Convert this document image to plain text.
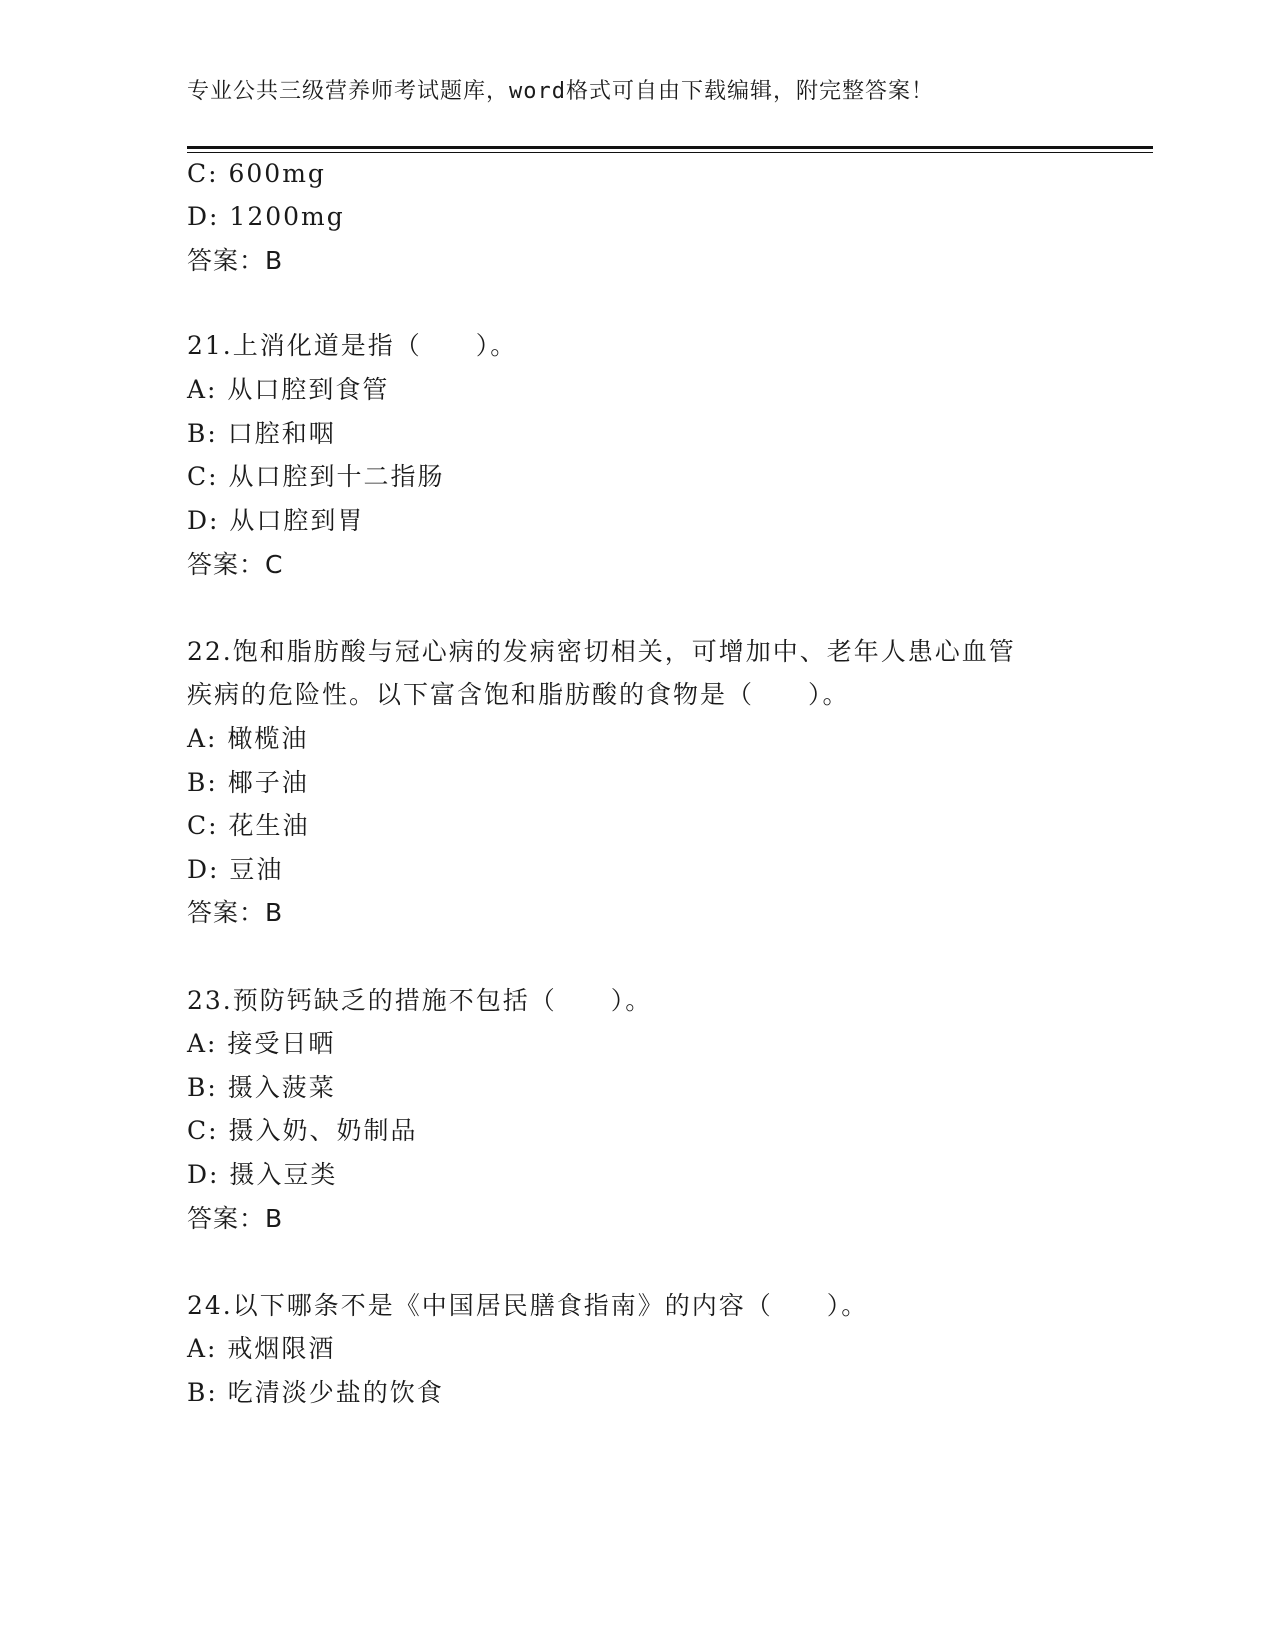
专业公共三级营养师考试题库，word格式可自由下载编辑，附完整答案！
C: 600mg
D: 1200mg
答案：B
21.上消化道是指（　　）。
A: 从口腔到食管
B: 口腔和咽
C: 从口腔到十二指肠
D: 从口腔到胃
答案：C
22.饱和脂肪酸与冠心病的发病密切相关，可增加中、老年人患心血管
疾病的危险性。以下富含饱和脂肪酸的食物是（　　）。
A: 橄榄油
B: 椰子油
C: 花生油
D: 豆油
答案：B
23.预防钙缺乏的措施不包括（　　）。
A: 接受日晒
B: 摄入菠菜
C: 摄入奶、奶制品
D: 摄入豆类
答案：B
24.以下哪条不是《中国居民膳食指南》的内容（　　）。
A: 戒烟限酒
B: 吃清淡少盐的饮食
